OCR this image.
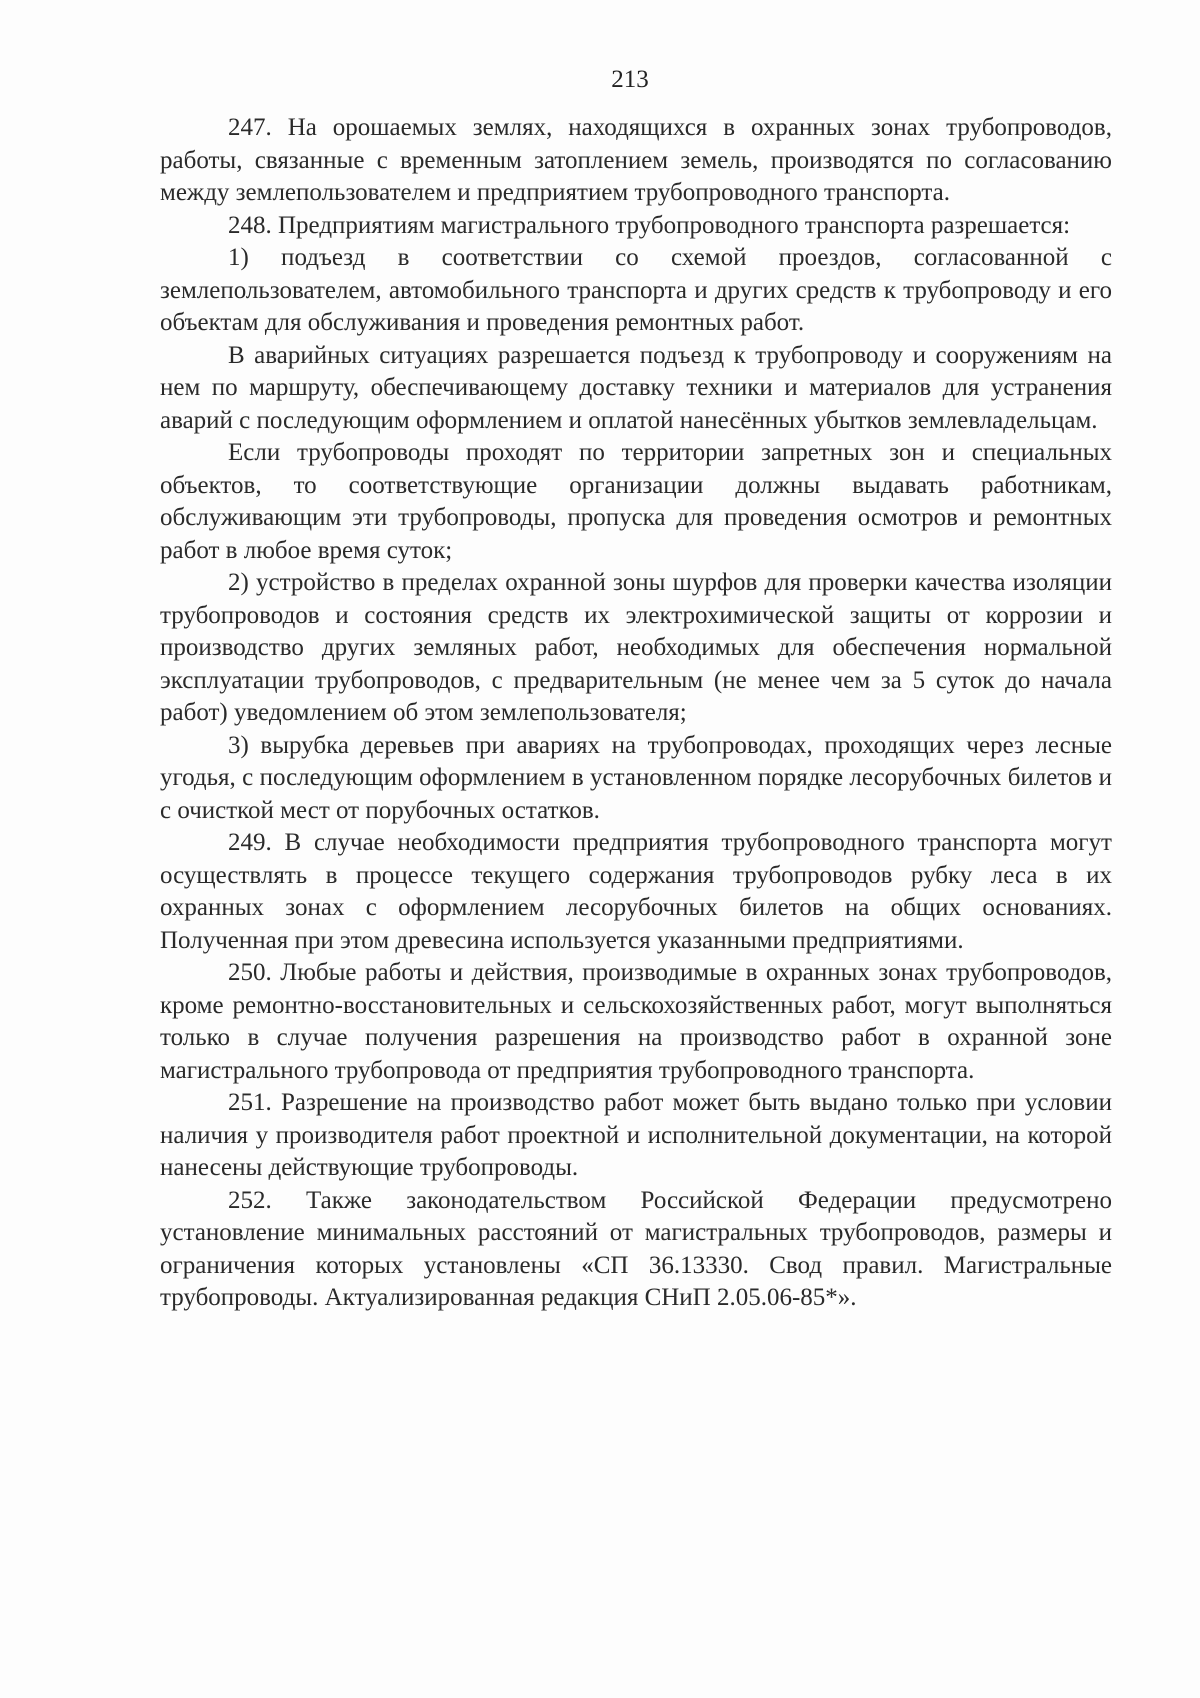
213

247. На орошаемых землях, находящихся в охранных зонах трубопроводов, работы, связанные с временным затоплением земель, производятся по согласованию между землепользователем и предприятием трубопроводного транспорта.

248. Предприятиям магистрального трубопроводного транспорта разрешается:

1) подъезд в соответствии со схемой проездов, согласованной с землепользователем, автомобильного транспорта и других средств к трубопроводу и его объектам для обслуживания и проведения ремонтных работ.

В аварийных ситуациях разрешается подъезд к трубопроводу и сооружениям на нем по маршруту, обеспечивающему доставку техники и материалов для устранения аварий с последующим оформлением и оплатой нанесённых убытков землевладельцам.

Если трубопроводы проходят по территории запретных зон и специальных объектов, то соответствующие организации должны выдавать работникам, обслуживающим эти трубопроводы, пропуска для проведения осмотров и ремонтных работ в любое время суток;

2) устройство в пределах охранной зоны шурфов для проверки качества изоляции трубопроводов и состояния средств их электрохимической защиты от коррозии и производство других земляных работ, необходимых для обеспечения нормальной эксплуатации трубопроводов, с предварительным (не менее чем за 5 суток до начала работ) уведомлением об этом землепользователя;

3) вырубка деревьев при авариях на трубопроводах, проходящих через лесные угодья, с последующим оформлением в установленном порядке лесорубочных билетов и с очисткой мест от порубочных остатков.

249. В случае необходимости предприятия трубопроводного транспорта могут осуществлять в процессе текущего содержания трубопроводов рубку леса в их охранных зонах с оформлением лесорубочных билетов на общих основаниях. Полученная при этом древесина используется указанными предприятиями.

250. Любые работы и действия, производимые в охранных зонах трубопроводов, кроме ремонтно-восстановительных и сельскохозяйственных работ, могут выполняться только в случае получения разрешения на производство работ в охранной зоне магистрального трубопровода от предприятия трубопроводного транспорта.

251. Разрешение на производство работ может быть выдано только при условии наличия у производителя работ проектной и исполнительной документации, на которой нанесены действующие трубопроводы.

252. Также законодательством Российской Федерации предусмотрено установление минимальных расстояний от магистральных трубопроводов, размеры и ограничения которых установлены «СП 36.13330. Свод правил. Магистральные трубопроводы. Актуализированная редакция СНиП 2.05.06-85*».
